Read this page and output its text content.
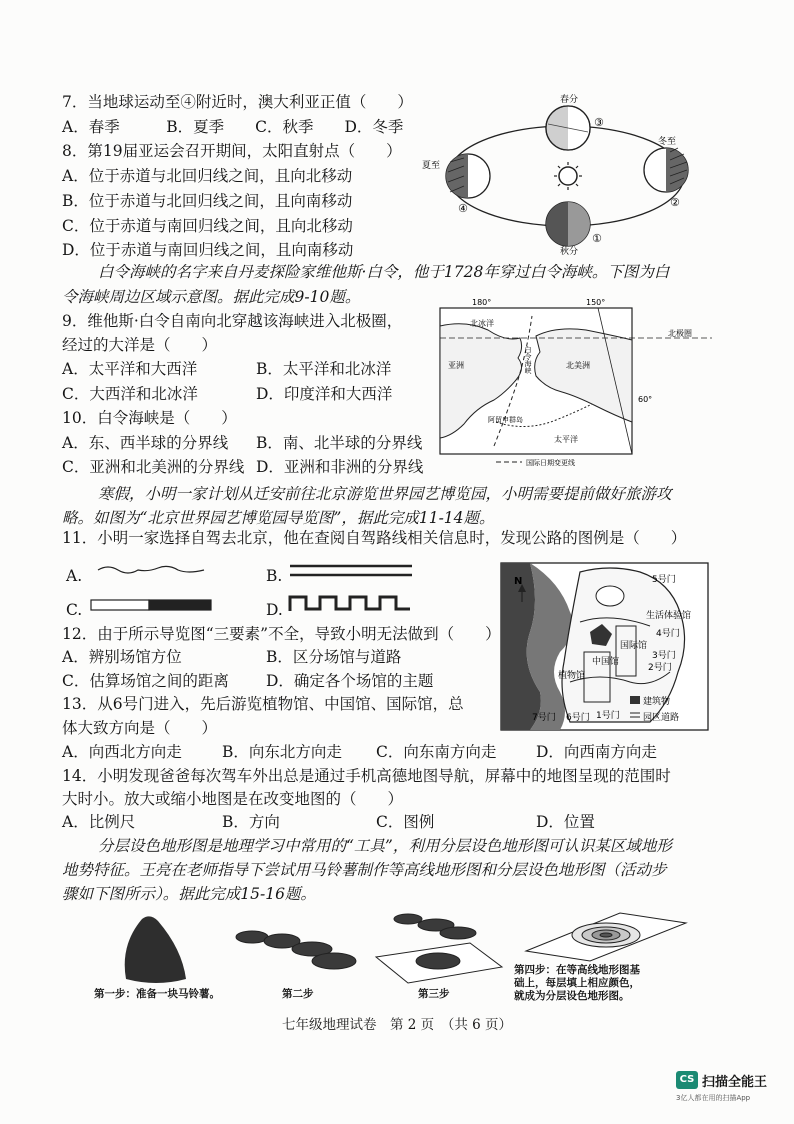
7．当地球运动至④附近时，澳大利亚正值（　　）
A．春季　　　B．夏季　　C．秋季　　D．冬季
8．第19届亚运会召开期间，太阳直射点（　　）
A．位于赤道与北回归线之间，且向北移动
B．位于赤道与北回归线之间，且向南移动
C．位于赤道与南回归线之间，且向北移动
D．位于赤道与南回归线之间，且向南移动
春分
③
冬至
②
夏至
④
秋分
①
白令海峡的名字来自丹麦探险家维他斯·白令，他于1728年穿过白令海峡。下图为白
令海峡周边区域示意图。据此完成9-10题。
9．维他斯·白令自南向北穿越该海峡进入北极圈，
经过的大洋是（　　）
A．太平洋和大西洋	B．太平洋和北冰洋
C．大西洋和北冰洋	D．印度洋和大西洋
10．白令海峡是（　　）
A．东、西半球的分界线 B．南、北半球的分界线
C．亚洲和北美洲的分界线 D．亚洲和非洲的分界线
180°	150°
北冰洋
白令海峡
亚洲	北美洲
阿留申群岛
太平洋
北极圈
60°
国际日期变更线
寒假，小明一家计划从迁安前往北京游览世界园艺博览园，小明需要提前做好旅游攻
略。如图为“北京世界园艺博览园导览图”，据此完成11-14题。
11．小明一家选择自驾去北京，他在查阅自驾路线相关信息时，发现公路的图例是（　　）
A.	B.
C.	D.
12．由于所示导览图“三要素”不全，导致小明无法做到（　　）
A．辨别场馆方位	B．区分场馆与道路
C．估算场馆之间的距离 D．确定各个场馆的主题
13．从6号门进入，先后游览植物馆、中国馆、国际馆，总
体大致方向是（　　）
A．向西北方向走	B．向东北方向走 C．向东南方向走	D．向西南方向走
N	5号门
生活体验馆
4号门
3号门
2号门
中国馆
国际馆
植物馆
7号门 6号门 1号门
建筑物
园区道路
14．小明发现爸爸每次驾车外出总是通过手机高德地图导航，屏幕中的地图呈现的范围时
大时小。放大或缩小地图是在改变地图的（　　）
A．比例尺	B．方向	C．图例	D．位置
分层设色地形图是地理学习中常用的“工具”，利用分层设色地形图可认识某区域地形
地势特征。王亮在老师指导下尝试用马铃薯制作等高线地形图和分层设色地形图（活动步
骤如下图所示）。据此完成15-16题。
第一步：准备一块马铃薯。	第二步	第三步
第四步：在等高线地形图基
础上，每层填上相应颜色，
就成为分层设色地形图。
七年级地理试卷　第 2 页　（共 6 页）
CS 扫描全能王
3亿人都在用的扫描App
